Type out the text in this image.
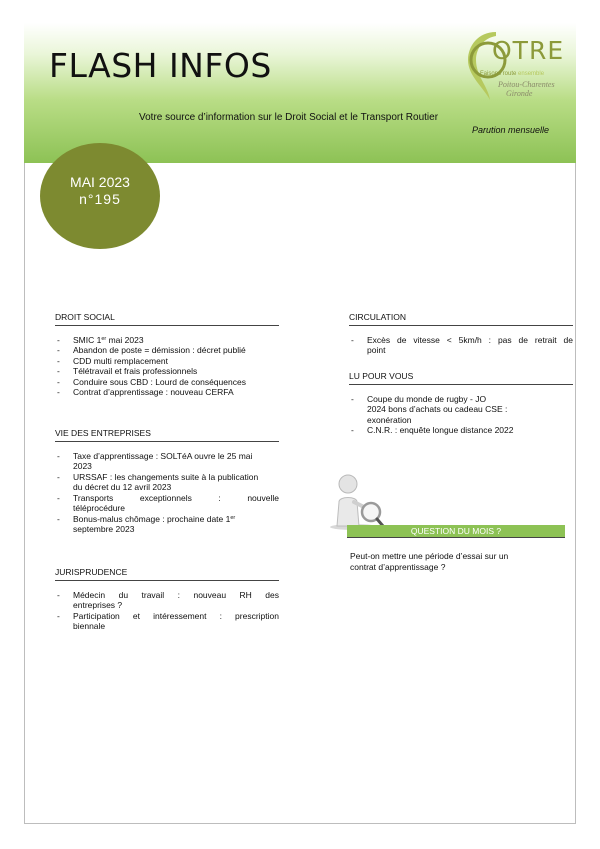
FLASH INFOS
Votre source d’information sur le Droit Social et le Transport Routier
Parution mensuelle
OTRE
Faisons route ensemble
Poitou-Charentes
Gironde
MAI 2023
n°195
DROIT SOCIAL
- SMIC 1er mai 2023
- Abandon de poste = démission : décret publié
- CDD multi remplacement
- Télétravail et frais professionnels
- Conduire sous CBD : Lourd de conséquences
- Contrat d’apprentissage : nouveau CERFA
VIE DES ENTREPRISES
- Taxe d’apprentissage : SOLTéA ouvre le 25 mai
2023
- URSSAF : les changements suite à la publication
du décret du 12 avril 2023
- Transports exceptionnels : nouvelle
téléprocédure
- Bonus-malus chômage : prochaine date 1er
septembre 2023
JURISPRUDENCE
- Médecin du travail : nouveau RH des
entreprises ?
- Participation et intéressement : prescription
biennale
CIRCULATION
- Excès de vitesse < 5km/h : pas de retrait de
point
LU POUR VOUS
- Coupe du monde de rugby - JO
2024 bons d’achats ou cadeau CSE :
exonération
- C.N.R. : enquête longue distance 2022
QUESTION DU MOIS ?
Peut-on mettre une période d’essai sur un
contrat d’apprentissage ?
